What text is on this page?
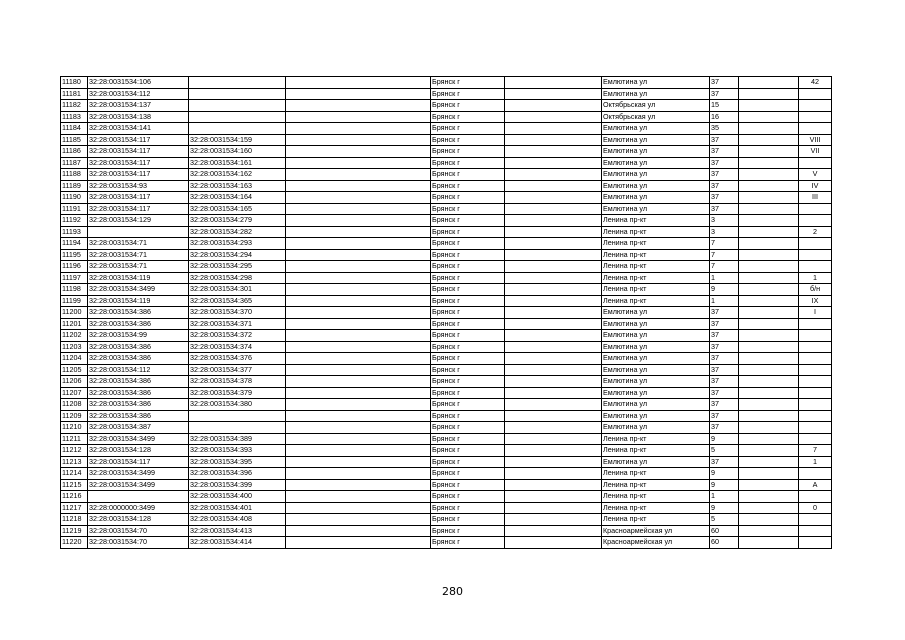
11180	32:28:0031534:106			Брянск г		Емлютина ул	37		42
11181	32:28:0031534:112			Брянск г		Емлютина ул	37		
11182	32:28:0031534:137			Брянск г		Октябрьская ул	15		
11183	32:28:0031534:138			Брянск г		Октябрьская ул	16		
11184	32:28:0031534:141			Брянск г		Емлютина ул	35		
11185	32:28:0031534:117	32:28:0031534:159		Брянск г		Емлютина ул	37		VIII
11186	32:28:0031534:117	32:28:0031534:160		Брянск г		Емлютина ул	37		VII
11187	32:28:0031534:117	32:28:0031534:161		Брянск г		Емлютина ул	37		
11188	32:28:0031534:117	32:28:0031534:162		Брянск г		Емлютина ул	37		V
11189	32:28:0031534:93	32:28:0031534:163		Брянск г		Емлютина ул	37		IV
11190	32:28:0031534:117	32:28:0031534:164		Брянск г		Емлютина ул	37		III
11191	32:28:0031534:117	32:28:0031534:165		Брянск г		Емлютина ул	37		
11192	32:28:0031534:129	32:28:0031534:279		Брянск г		Ленина пр-кт	3		
11193		32:28:0031534:282		Брянск г		Ленина пр-кт	3		2
11194	32:28:0031534:71	32:28:0031534:293		Брянск г		Ленина пр-кт	7		
11195	32:28:0031534:71	32:28:0031534:294		Брянск г		Ленина пр-кт	7		
11196	32:28:0031534:71	32:28:0031534:295		Брянск г		Ленина пр-кт	7		
11197	32:28:0031534:119	32:28:0031534:298		Брянск г		Ленина пр-кт	1		1
11198	32:28:0031534:3499	32:28:0031534:301		Брянск г		Ленина пр-кт	9		б/н
11199	32:28:0031534:119	32:28:0031534:365		Брянск г		Ленина пр-кт	1		IX
11200	32:28:0031534:386	32:28:0031534:370		Брянск г		Емлютина ул	37		I
11201	32:28:0031534:386	32:28:0031534:371		Брянск г		Емлютина ул	37		
11202	32:28:0031534:99	32:28:0031534:372		Брянск г		Емлютина ул	37		
11203	32:28:0031534:386	32:28:0031534:374		Брянск г		Емлютина ул	37		
11204	32:28:0031534:386	32:28:0031534:376		Брянск г		Емлютина ул	37		
11205	32:28:0031534:112	32:28:0031534:377		Брянск г		Емлютина ул	37		
11206	32:28:0031534:386	32:28:0031534:378		Брянск г		Емлютина ул	37		
11207	32:28:0031534:386	32:28:0031534:379		Брянск г		Емлютина ул	37		
11208	32:28:0031534:386	32:28:0031534:380		Брянск г		Емлютина ул	37		
11209	32:28:0031534:386			Брянск г		Емлютина ул	37		
11210	32:28:0031534:387			Брянск г		Емлютина ул	37		
11211	32:28:0031534:3499	32:28:0031534:389		Брянск г		Ленина пр-кт	9		
11212	32:28:0031534:128	32:28:0031534:393		Брянск г		Ленина пр-кт	5		7
11213	32:28:0031534:117	32:28:0031534:395		Брянск г		Емлютина ул	37		1
11214	32:28:0031534:3499	32:28:0031534:396		Брянск г		Ленина пр-кт	9		
11215	32:28:0031534:3499	32:28:0031534:399		Брянск г		Ленина пр-кт	9		А
11216		32:28:0031534:400		Брянск г		Ленина пр-кт	1		
11217	32:28:0000000:3499	32:28:0031534:401		Брянск г		Ленина пр-кт	9		0
11218	32:28:0031534:128	32:28:0031534:408		Брянск г		Ленина пр-кт	5		
11219	32:28:0031534:70	32:28:0031534:413		Брянск г		Красноармейская ул	60		
11220	32:28:0031534:70	32:28:0031534:414		Брянск г		Красноармейская ул	60		
280
